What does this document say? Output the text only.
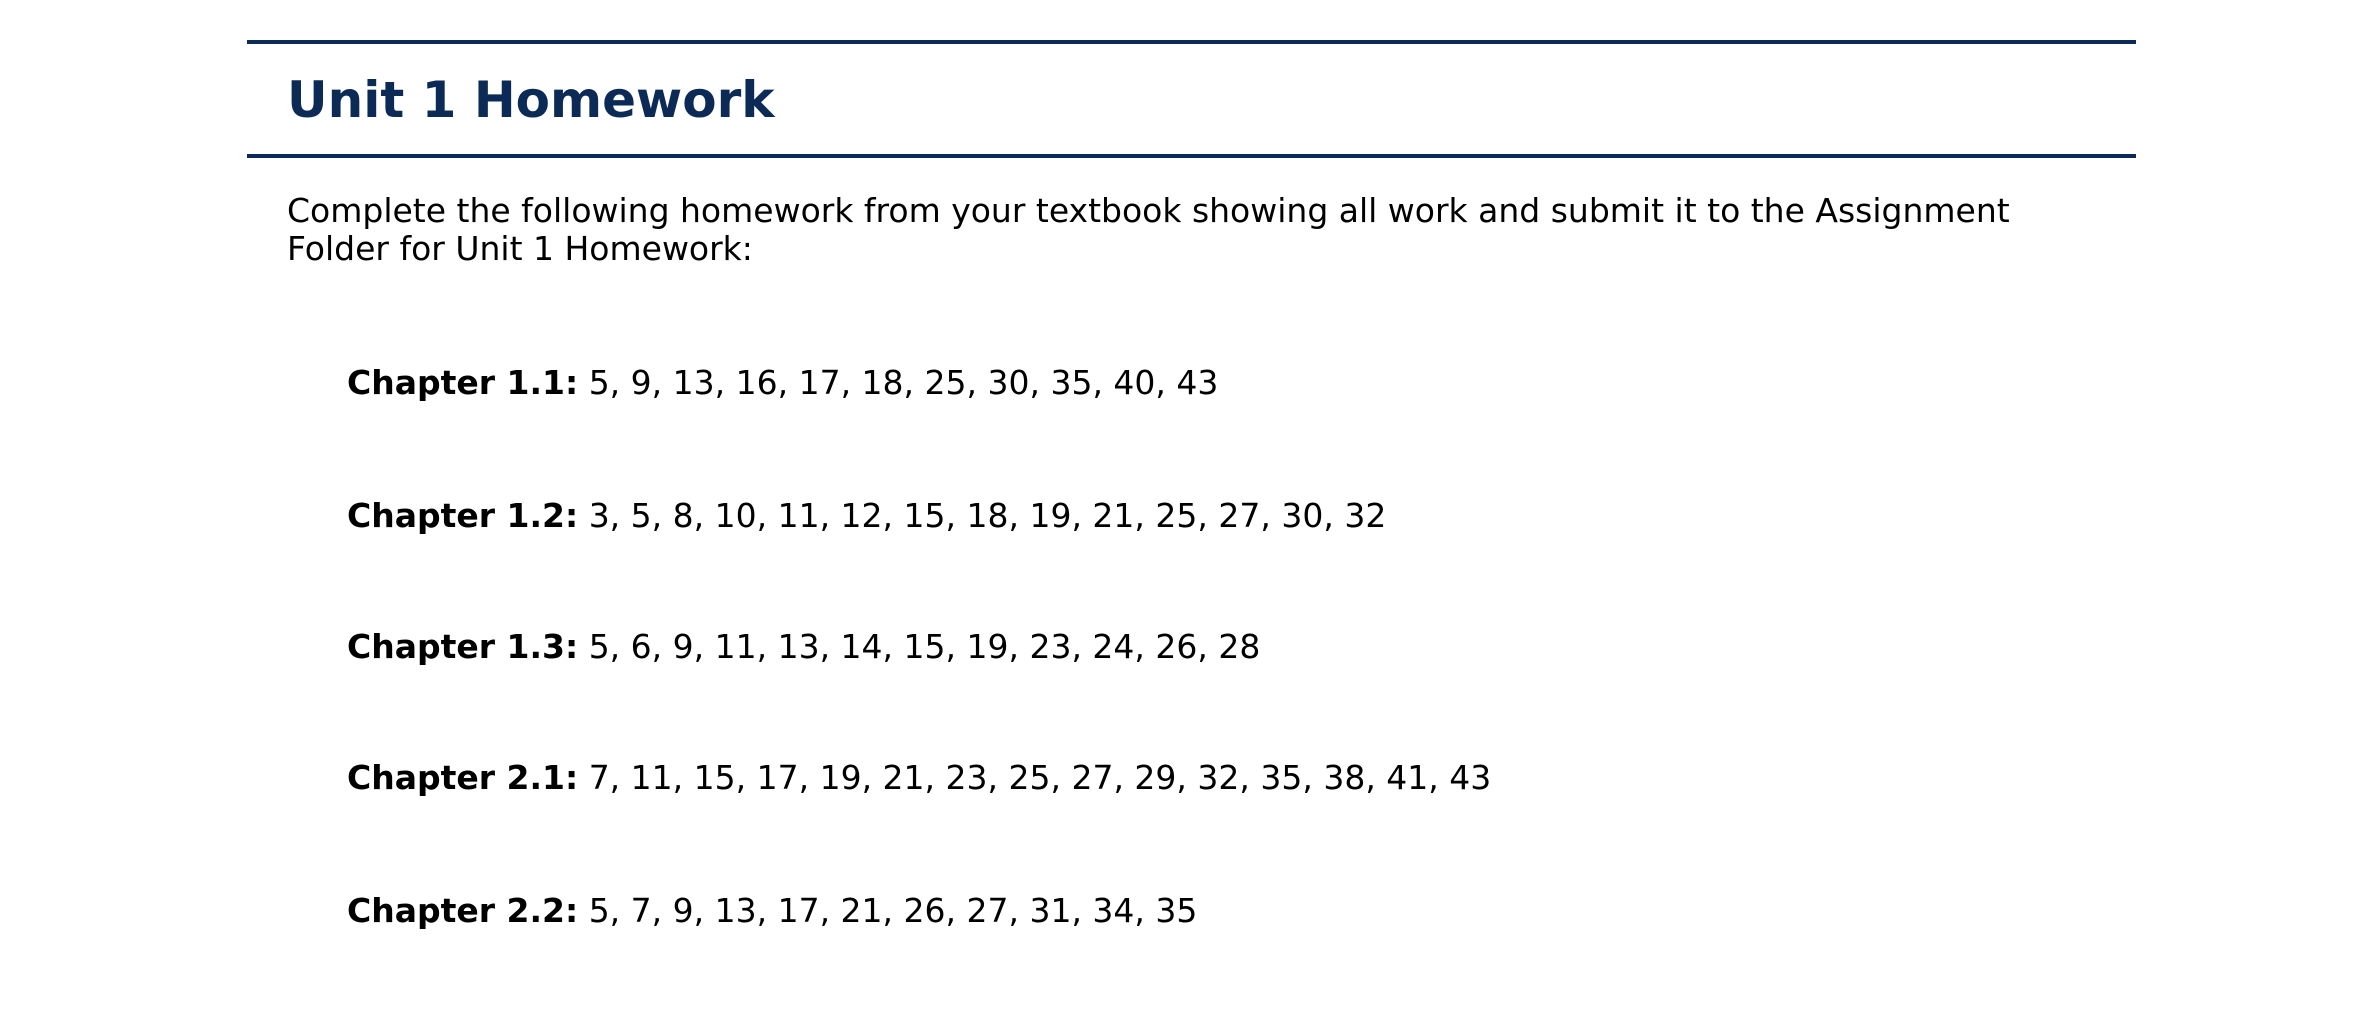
Unit 1 Homework

Complete the following homework from your textbook showing all work and submit it to the Assignment Folder for Unit 1 Homework:

Chapter 1.1: 5, 9, 13, 16, 17, 18, 25, 30, 35, 40, 43
Chapter 1.2: 3, 5, 8, 10, 11, 12, 15, 18, 19, 21, 25, 27, 30, 32
Chapter 1.3: 5, 6, 9, 11, 13, 14, 15, 19, 23, 24, 26, 28
Chapter 2.1: 7, 11, 15, 17, 19, 21, 23, 25, 27, 29, 32, 35, 38, 41, 43
Chapter 2.2: 5, 7, 9, 13, 17, 21, 26, 27, 31, 34, 35
